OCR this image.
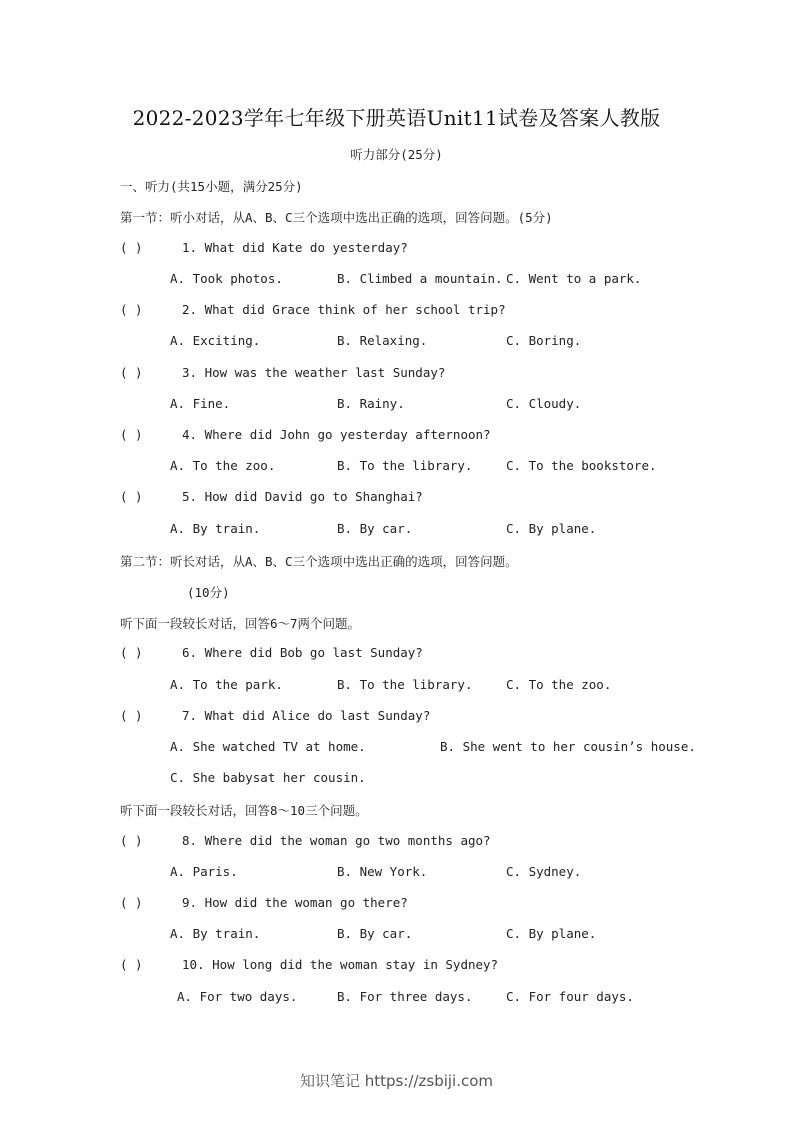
2022-2023学年七年级下册英语Unit11试卷及答案人教版
听力部分(25分)
一、听力(共15小题，满分25分)
第一节：听小对话，从A、B、C三个选项中选出正确的选项，回答问题。(5分)
( )	1. What did Kate do yesterday?
A. Took photos.	B. Climbed a mountain. C. Went to a park.
( )	2. What did Grace think of her school trip?
A. Exciting.	B. Relaxing.	C. Boring.
( )	3. How was the weather last Sunday?
A. Fine.	B. Rainy.	C. Cloudy.
( )	4. Where did John go yesterday afternoon?
A. To the zoo.	B. To the library.	C. To the bookstore.
( )	5. How did David go to Shanghai?
A. By train.	B. By car.	C. By plane.
第二节：听长对话，从A、B、C三个选项中选出正确的选项，回答问题。
(10分)
听下面一段较长对话，回答6～7两个问题。
( )	6. Where did Bob go last Sunday?
A. To the park.	B. To the library.	C. To the zoo.
( )	7. What did Alice do last Sunday?
A. She watched TV at home.	B. She went to her cousin’s house.
C. She babysat her cousin.
听下面一段较长对话，回答8～10三个问题。
( )	8. Where did the woman go two months ago?
A. Paris.	B. New York.	C. Sydney.
( )	9. How did the woman go there?
A. By train.	B. By car.	C. By plane.
( )	10. How long did the woman stay in Sydney?
A. For two days.	B. For three days.	C. For four days.
知识笔记 https://zsbiji.com
